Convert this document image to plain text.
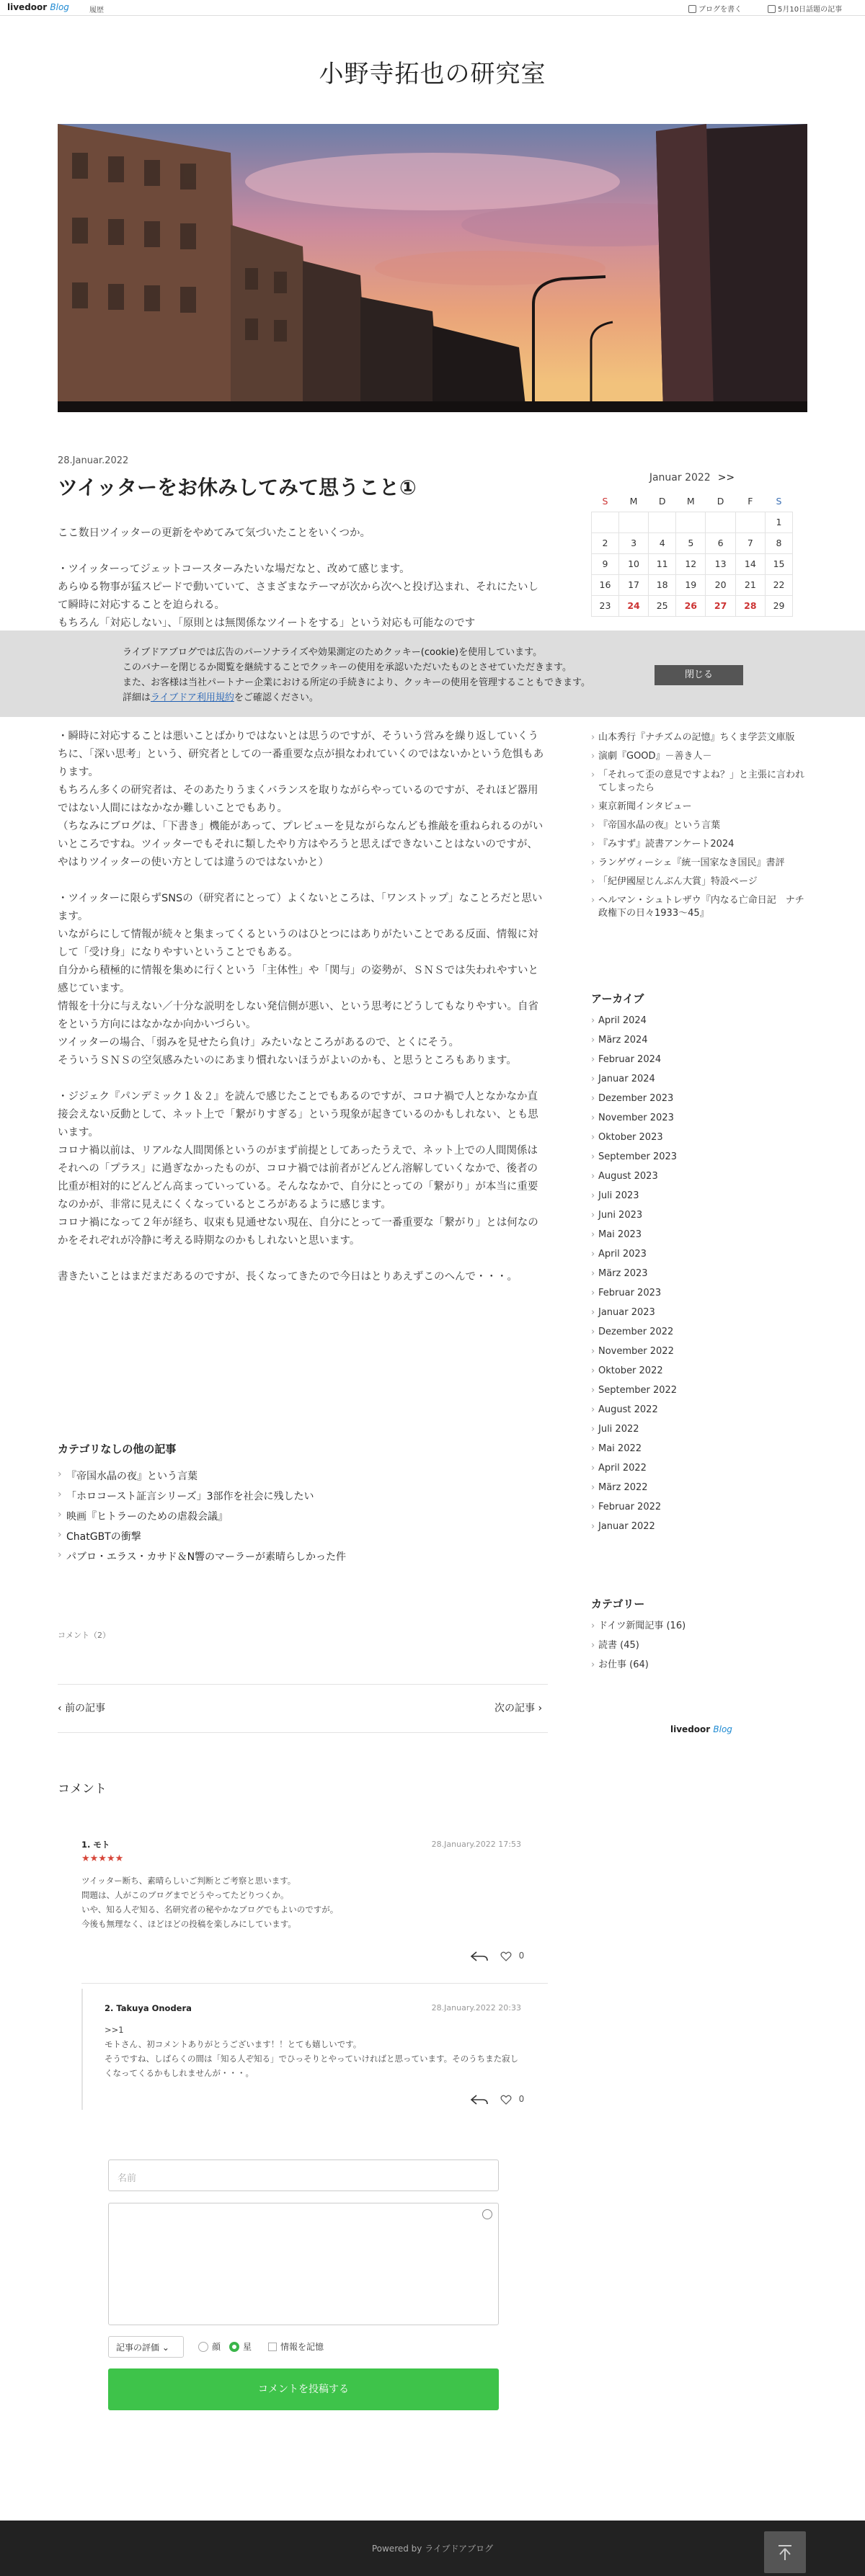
livedoor Blog	履歴	ブログを書く	5月10日話題の記事
小野寺拓也の研究室
28.Januar.2022
ツイッターをお休みしてみて思うこと①

ここ数日ツイッターの更新をやめてみて気づいたことをいくつか。

・ツイッターってジェットコースターみたいな場だなと、改めて感じます。

あらゆる物事が猛スピードで動いていて、さまざまなテーマが次から次へと投げ込まれ、それにたいして瞬時に対応することを迫られる。

もちろん「対応しない」、「原則とは無関係なツイートをする」という対応も可能なのです

Januar 2022 >>
S	M	D	M	D	F	S
						1
2	3	4	5	6	7	8
9	10	11	12	13	14	15
16	17	18	19	20	21	22
23	24	25	26	27	28	29
ライブドアブログでは広告のパーソナライズや効果測定のためクッキー(cookie)を使用しています。
このバナーを閉じるか閲覧を継続することでクッキーの使用を承認いただいたものとさせていただきます。
また、お客様は当社パートナー企業における所定の手続きにより、クッキーの使用を管理することもできます。
詳細はライブドア利用規約をご確認ください。
閉じる

・瞬時に対応することは悪いことばかりではないとは思うのですが、そういう営みを繰り返していくうちに、「深い思考」という、研究者としての一番重要な点が損なわれていくのではないかという危惧もあります。

もちろん多くの研究者は、そのあたりうまくバランスを取りながらやっているのですが、それほど器用ではない人間にはなかなか難しいことでもあり。

（ちなみにブログは、「下書き」機能があって、プレビューを見ながらなんども推敲を重ねられるのがいいところですね。ツイッターでもそれに類したやり方はやろうと思えばできないことはないのですが、やはりツイッターの使い方としては違うのではないかと）

・ツイッターに限らずSNSの（研究者にとって）よくないところは、「ワンストップ」なことろだと思います。

いながらにして情報が続々と集まってくるというのはひとつにはありがたいことである反面、情報に対して「受け身」になりやすいということでもある。

自分から積極的に情報を集めに行くという「主体性」や「関与」の姿勢が、ＳＮＳでは失われやすいと感じています。

情報を十分に与えない／十分な説明をしない発信側が悪い、という思考にどうしてもなりやすい。自省をという方向にはなかなか向かいづらい。

ツイッターの場合、「弱みを見せたら負け」みたいなところがあるので、とくにそう。

そういうＳＮＳの空気感みたいのにあまり慣れないほうがよいのかも、と思うところもあります。

・ジジェク『パンデミック１＆２』を読んで感じたことでもあるのですが、コロナ禍で人となかなか直接会えない反動として、ネット上で「繋がりすぎる」という現象が起きているのかもしれない、とも思います。

コロナ禍以前は、リアルな人間関係というのがまず前提としてあったうえで、ネット上での人間関係はそれへの「プラス」に過ぎなかったものが、コロナ禍では前者がどんどん溶解していくなかで、後者の比重が相対的にどんどん高まっていっている。そんななかで、自分にとっての「繋がり」が本当に重要なのかが、非常に見えにくくなっているところがあるように感じます。

コロナ禍になって２年が経ち、収束も見通せない現在、自分にとって一番重要な「繋がり」とは何なのかをそれぞれが冷静に考える時期なのかもしれないと思います。

書きたいことはまだまだあるのですが、長くなってきたので今日はとりあえずこのへんで・・・。

› 山本秀行『ナチズムの記憶』ちくま学芸文庫版
› 演劇『GOOD』－善き人－
› 「それって歪の意見ですよね？」と主張に言われてしまったら
› 東京新聞インタビュー
› 『帝国水晶の夜』という言葉
› 『みすず』読書アンケート2024
› ランゲヴィーシェ『統一国家なき国民』書評
› 「紀伊國屋じんぶん大賞」特設ページ
› ヘルマン・シュトレザウ『内なる亡命日記　ナチ政権下の日々1933〜45』
アーカイブ
› April 2024
› März 2024
› Februar 2024
› Januar 2024
› Dezember 2023
› November 2023
› Oktober 2023
› September 2023
› August 2023
› Juli 2023
› Juni 2023
› Mai 2023
› April 2023
› März 2023
› Februar 2023
› Januar 2023
› Dezember 2022
› November 2022
› Oktober 2022
› September 2022
› August 2022
› Juli 2022
› Mai 2022
› April 2022
› März 2022
› Februar 2022
› Januar 2022
カテゴリー
› ドイツ新聞記事 (16)
› 読書 (45)
› お仕事 (64)
livedoor Blog
カテゴリなしの他の記事
› 『帝国水晶の夜』という言葉
› 「ホロコースト証言シリーズ」3部作を社会に残したい
› 映画『ヒトラーのための虐殺会議』
› ChatGBTの衝撃
› パブロ・エラス・カサド＆N響のマーラーが素晴らしかった件
コメント（2）
‹ 前の記事	次の記事 ›
コメント
1. モト	28.January.2022 17:53
★★★★★
ツイッター断ち、素晴らしいご判断とご考察と思います。
問題は、人がこのブログまでどうやってたどりつくか。
いや、知る人ぞ知る、名研究者の秘やかなブログでもよいのですが。
今後も無理なく、ほどほどの投稿を楽しみにしています。
0
2. Takuya Onodera	28.January.2022 20:33
>>1
モトさん、初コメントありがとうございます！！とても嬉しいです。
そうですね、しばらくの間は「知る人ぞ知る」でひっそりとやっていければと思っています。そのうちまた寂しくなってくるかもしれませんが・・・。
0
名前
記事の評価 ⌄	顔	星	情報を記憶
コメントを投稿する
Powered by ライブドアブログ
